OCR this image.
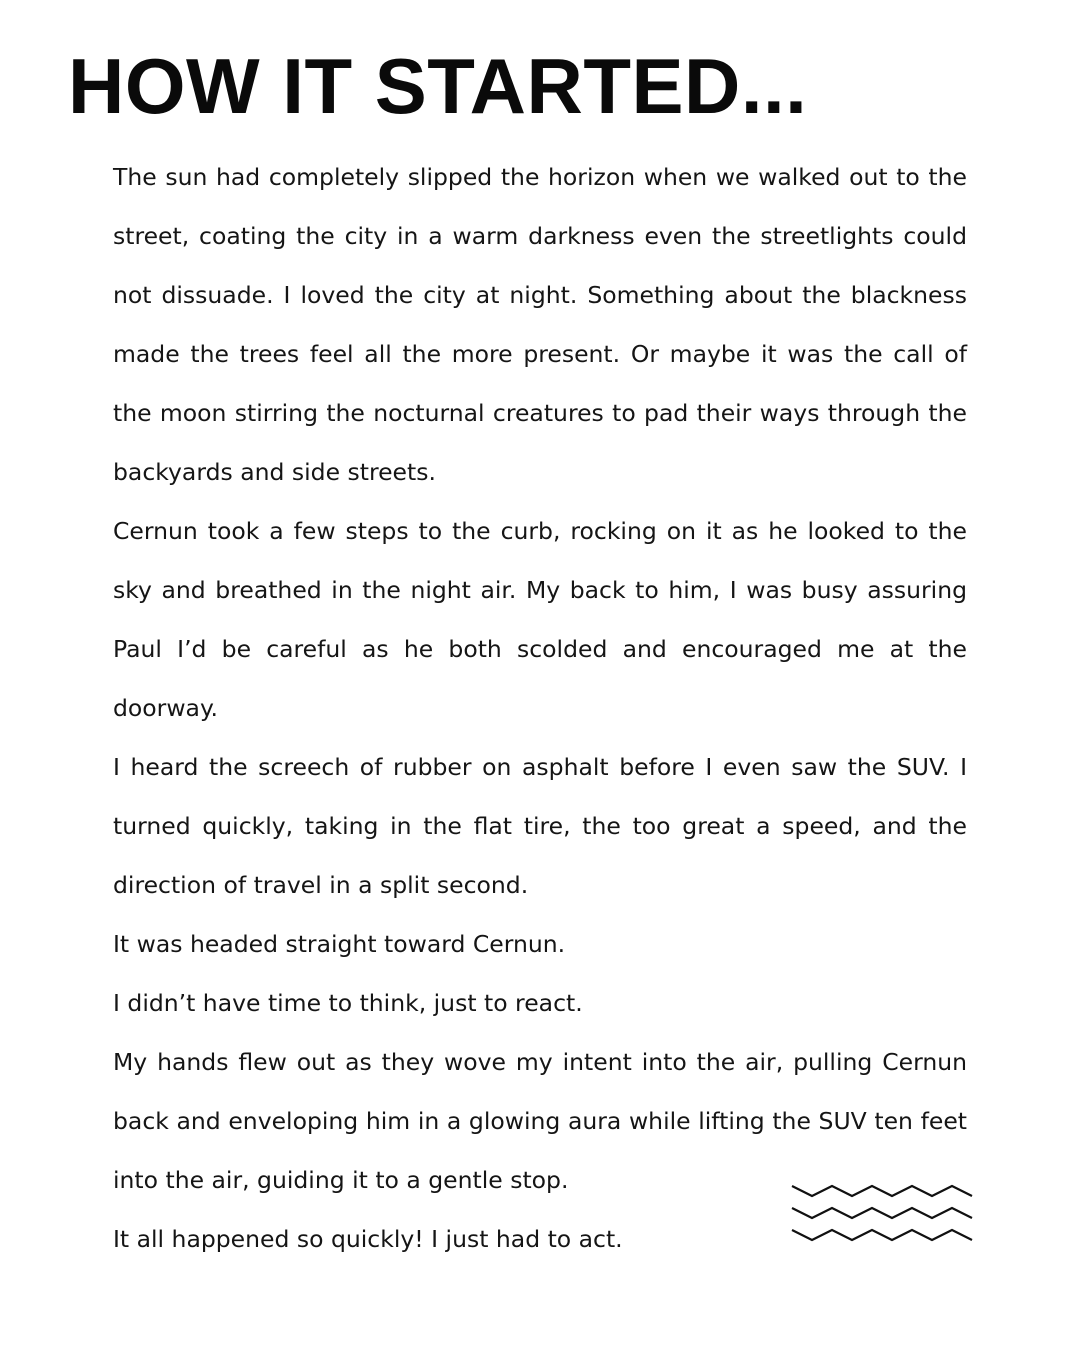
HOW IT STARTED...

The sun had completely slipped the horizon when we walked out to the street, coating the city in a warm darkness even the streetlights could not dissuade. I loved the city at night. Something about the blackness made the trees feel all the more present. Or maybe it was the call of the moon stirring the nocturnal creatures to pad their ways through the backyards and side streets.

Cernun took a few steps to the curb, rocking on it as he looked to the sky and breathed in the night air. My back to him, I was busy assuring Paul I’d be careful as he both scolded and encouraged me at the doorway.

I heard the screech of rubber on asphalt before I even saw the SUV. I turned quickly, taking in the flat tire, the too great a speed, and the direction of travel in a split second.

It was headed straight toward Cernun.

I didn’t have time to think, just to react.

My hands flew out as they wove my intent into the air, pulling Cernun back and enveloping him in a glowing aura while lifting the SUV ten feet into the air, guiding it to a gentle stop.

It all happened so quickly! I just had to act.
